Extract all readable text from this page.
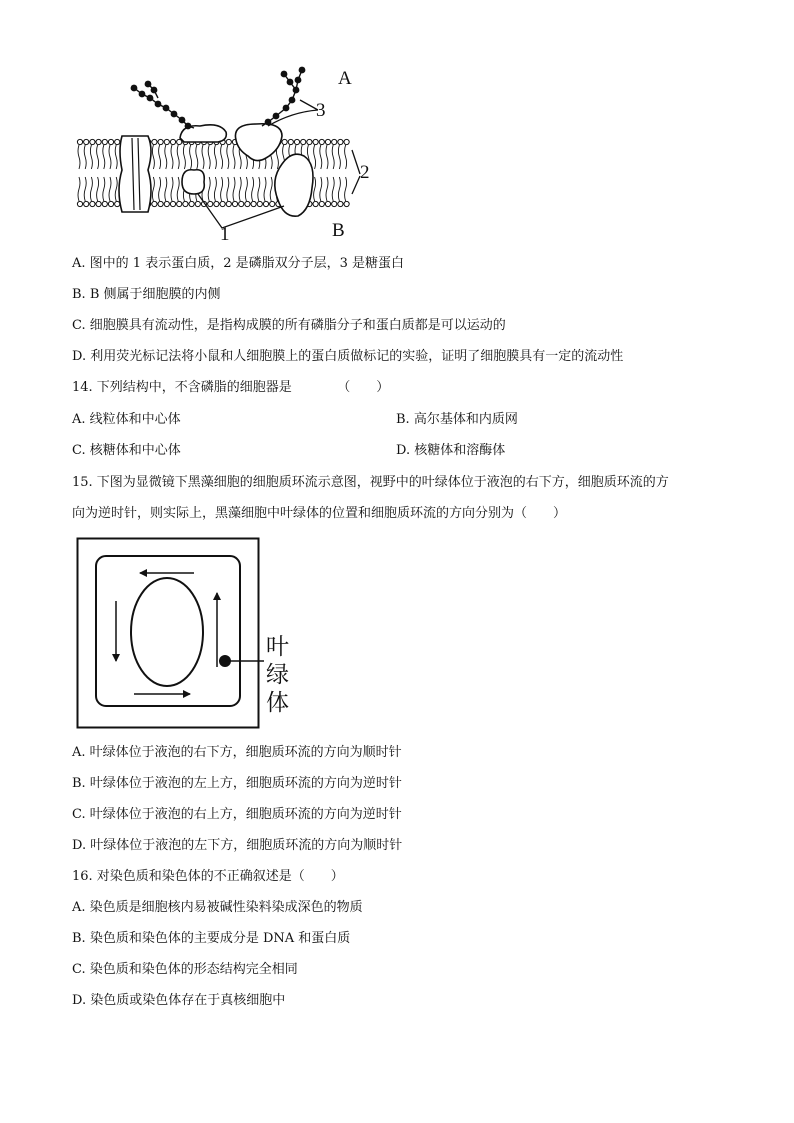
A
3
2
1	B
A. 图中的 1 表示蛋白质，2 是磷脂双分子层，3 是糖蛋白
B. B 侧属于细胞膜的内侧
C. 细胞膜具有流动性，是指构成膜的所有磷脂分子和蛋白质都是可以运动的
D. 利用荧光标记法将小鼠和人细胞膜上的蛋白质做标记的实验，证明了细胞膜具有一定的流动性
14. 下列结构中，不含磷脂的细胞器是　　　　（　　）
A. 线粒体和中心体	B. 高尔基体和内质网
C. 核糖体和中心体	D. 核糖体和溶酶体
15. 下图为显微镜下黑藻细胞的细胞质环流示意图，视野中的叶绿体位于液泡的右下方，细胞质环流的方
向为逆时针，则实际上，黑藻细胞中叶绿体的位置和细胞质环流的方向分别为（　　）
叶
绿
体
A. 叶绿体位于液泡的右下方，细胞质环流的方向为顺时针
B. 叶绿体位于液泡的左上方，细胞质环流的方向为逆时针
C. 叶绿体位于液泡的右上方，细胞质环流的方向为逆时针
D. 叶绿体位于液泡的左下方，细胞质环流的方向为顺时针
16. 对染色质和染色体的不正确叙述是（　　）
A. 染色质是细胞核内易被碱性染料染成深色的物质
B. 染色质和染色体的主要成分是 DNA 和蛋白质
C. 染色质和染色体的形态结构完全相同
D. 染色质或染色体存在于真核细胞中
